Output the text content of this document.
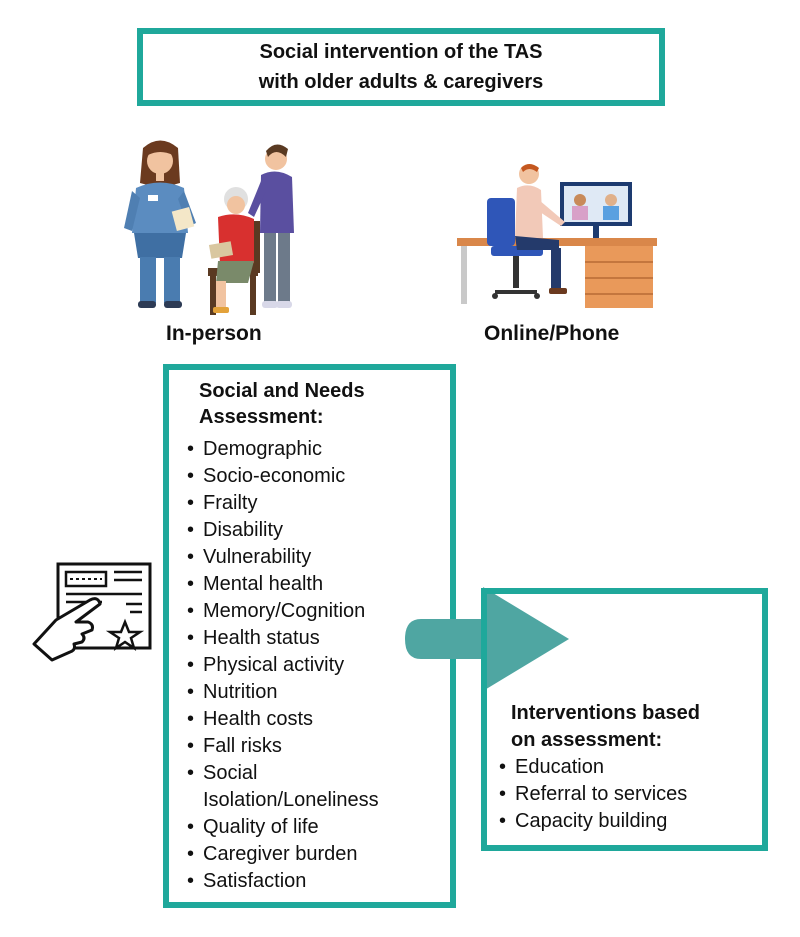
Social intervention of the TAS
with older adults & caregivers
In-person	Online/Phone
Social and Needs
Assessment:
• Demographic
• Socio-economic
• Frailty
• Disability
• Vulnerability
• Mental health
• Memory/Cognition
• Health status
• Physical activity
• Nutrition
• Health costs
• Fall risks
• Social
Isolation/Loneliness
• Quality of life
• Caregiver burden
• Satisfaction
Interventions based
on assessment:
• Education
• Referral to services
• Capacity building
